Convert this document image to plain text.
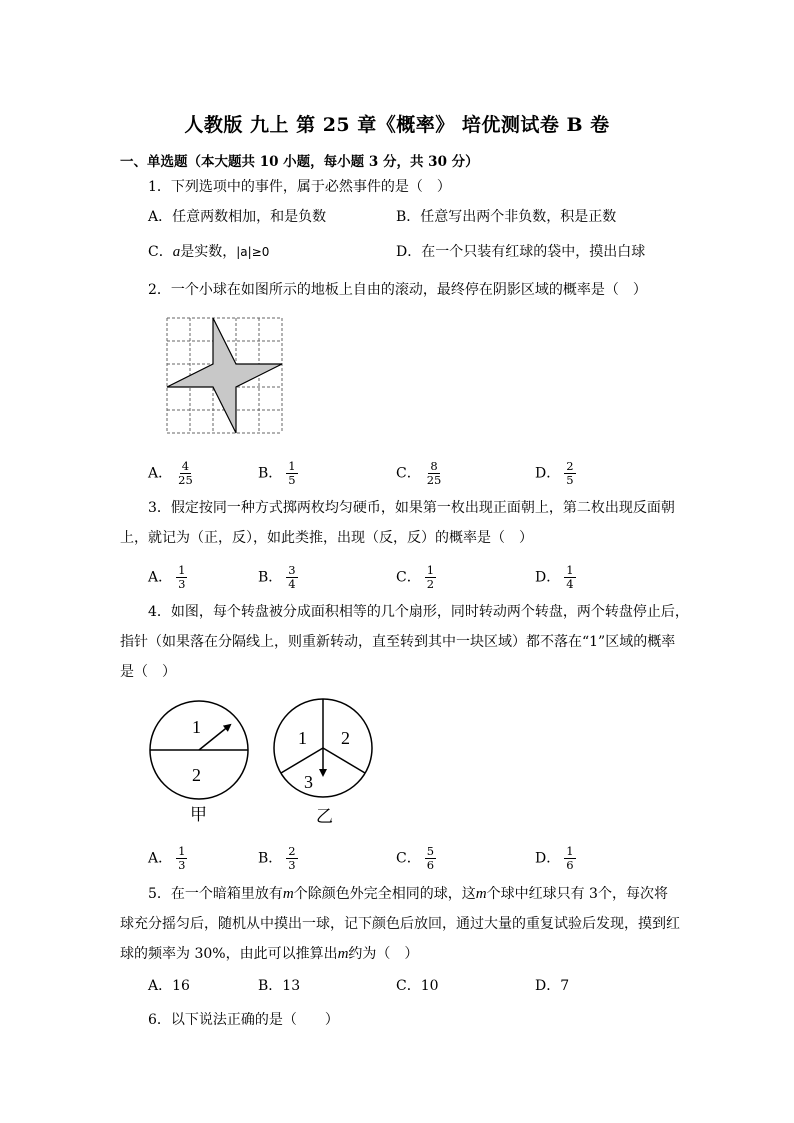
人教版 九上 第 25 章《概率》 培优测试卷 B 卷
一、单选题（本大题共 10 小题，每小题 3 分，共 30 分）
1．下列选项中的事件，属于必然事件的是（　）
A．任意两数相加，和是负数	B．任意写出两个非负数，积是正数
C．a是实数，|a|≥0	D．在一个只装有红球的袋中，摸出白球
2．一个小球在如图所示的地板上自由的滚动，最终停在阴影区域的概率是（　）
A． $\frac{4}{25}$	B． $\frac{1}{5}$	C． $\frac{8}{25}$	D． $\frac{2}{5}$
3．假定按同一种方式掷两枚均匀硬币，如果第一枚出现正面朝上，第二枚出现反面朝
上，就记为（正，反），如此类推，出现（反，反）的概率是（　）
A． $\frac{1}{3}$	B． $\frac{3}{4}$	C． $\frac{1}{2}$	D． $\frac{1}{4}$
4．如图，每个转盘被分成面积相等的几个扇形，同时转动两个转盘，两个转盘停止后，
指针（如果落在分隔线上，则重新转动，直至转到其中一块区域）都不落在“1”区域的概率
是（　）
1
2
甲
1 2
3
乙
A． $\frac{1}{3}$	B． $\frac{2}{3}$	C． $\frac{5}{6}$	D． $\frac{1}{6}$
5．在一个暗箱里放有m个除颜色外完全相同的球，这m个球中红球只有 3个，每次将
球充分摇匀后，随机从中摸出一球，记下颜色后放回，通过大量的重复试验后发现，摸到红
球的频率为 30%，由此可以推算出m约为（　）
A．16	B．13	C．10	D．7
6．以下说法正确的是（　　）
